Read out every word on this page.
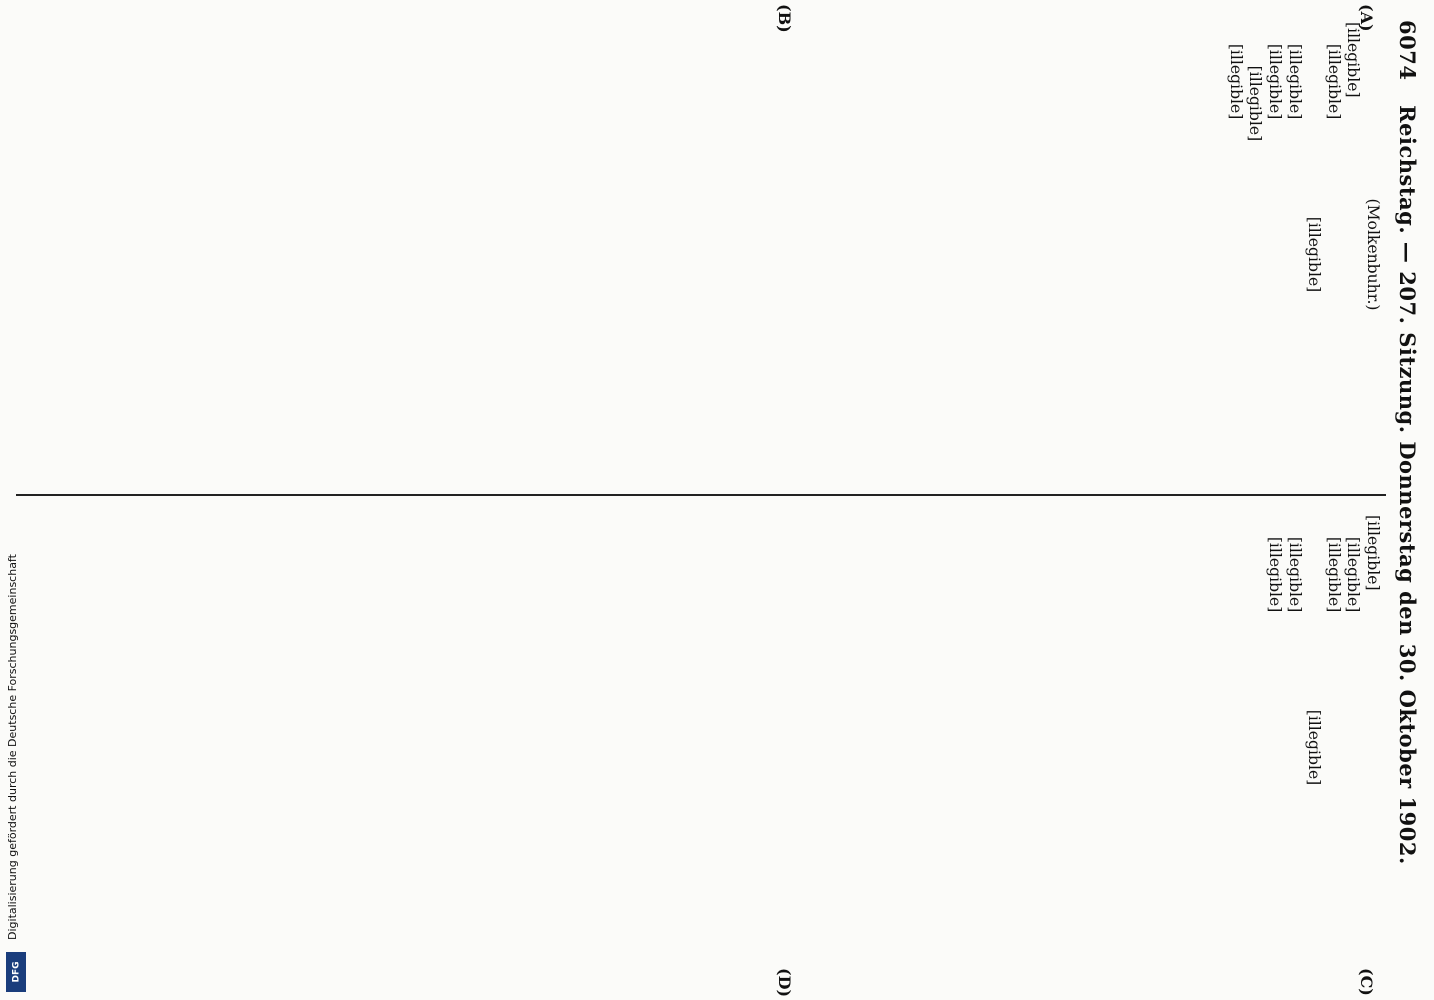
6074
Reichstag. — 207. Sitzung. Donnerstag den 30. Oktober 1902.
(A)
(B)
(C)
(D)

(Molkenbuhr.)

[illegible]

[illegible]

[illegible]

[illegible]

[illegible]

[illegible]

[illegible]

[illegible]

[illegible]

[illegible]

[illegible]

[illegible]

[illegible]

Digitalisierung gefördert durch die Deutsche Forschungsgemeinschaft
DFG
